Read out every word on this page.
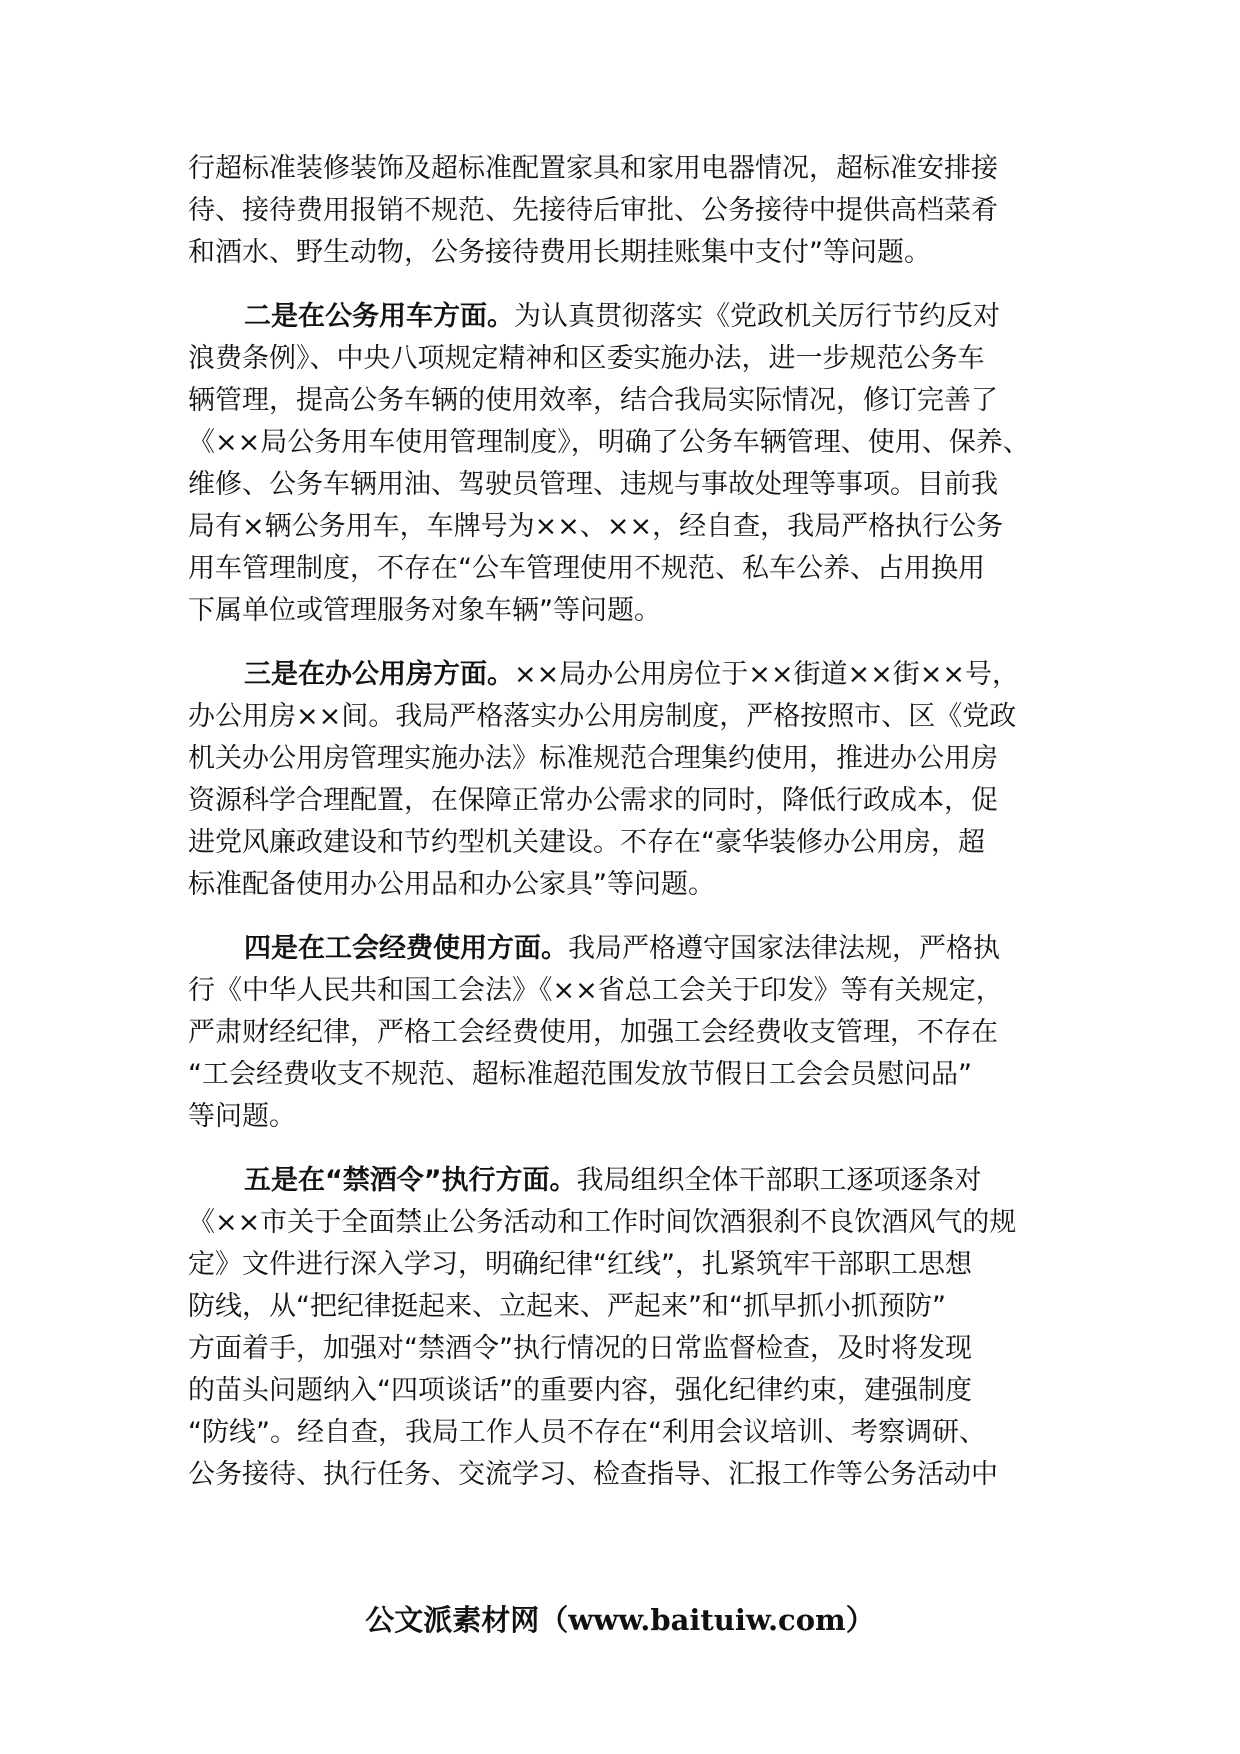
行超标准装修装饰及超标准配置家具和家用电器情况，超标准安排接
待、接待费用报销不规范、先接待后审批、公务接待中提供高档菜肴
和酒水、野生动物，公务接待费用长期挂账集中支付”等问题。

二是在公务用车方面。为认真贯彻落实《党政机关厉行节约反对
浪费条例》、中央八项规定精神和区委实施办法，进一步规范公务车
辆管理，提高公务车辆的使用效率，结合我局实际情况，修订完善了
《××局公务用车使用管理制度》，明确了公务车辆管理、使用、保养、
维修、公务车辆用油、驾驶员管理、违规与事故处理等事项。目前我
局有×辆公务用车，车牌号为××、××，经自查，我局严格执行公务
用车管理制度，不存在“公车管理使用不规范、私车公养、占用换用
下属单位或管理服务对象车辆”等问题。

三是在办公用房方面。××局办公用房位于××街道××街××号，
办公用房××间。我局严格落实办公用房制度，严格按照市、区《党政
机关办公用房管理实施办法》标准规范合理集约使用，推进办公用房
资源科学合理配置，在保障正常办公需求的同时，降低行政成本，促
进党风廉政建设和节约型机关建设。不存在“豪华装修办公用房，超
标准配备使用办公用品和办公家具”等问题。

四是在工会经费使用方面。我局严格遵守国家法律法规，严格执
行《中华人民共和国工会法》《××省总工会关于印发》等有关规定，
严肃财经纪律，严格工会经费使用，加强工会经费收支管理，不存在
“工会经费收支不规范、超标准超范围发放节假日工会会员慰问品”
等问题。

五是在“禁酒令”执行方面。我局组织全体干部职工逐项逐条对
《××市关于全面禁止公务活动和工作时间饮酒狠刹不良饮酒风气的规
定》文件进行深入学习，明确纪律“红线”，扎紧筑牢干部职工思想
防线，从“把纪律挺起来、立起来、严起来”和“抓早抓小抓预防”
方面着手，加强对“禁酒令”执行情况的日常监督检查，及时将发现
的苗头问题纳入“四项谈话”的重要内容，强化纪律约束，建强制度
“防线”。经自查，我局工作人员不存在“利用会议培训、考察调研、
公务接待、执行任务、交流学习、检查指导、汇报工作等公务活动中

公文派素材网（www.baituiw.com）
